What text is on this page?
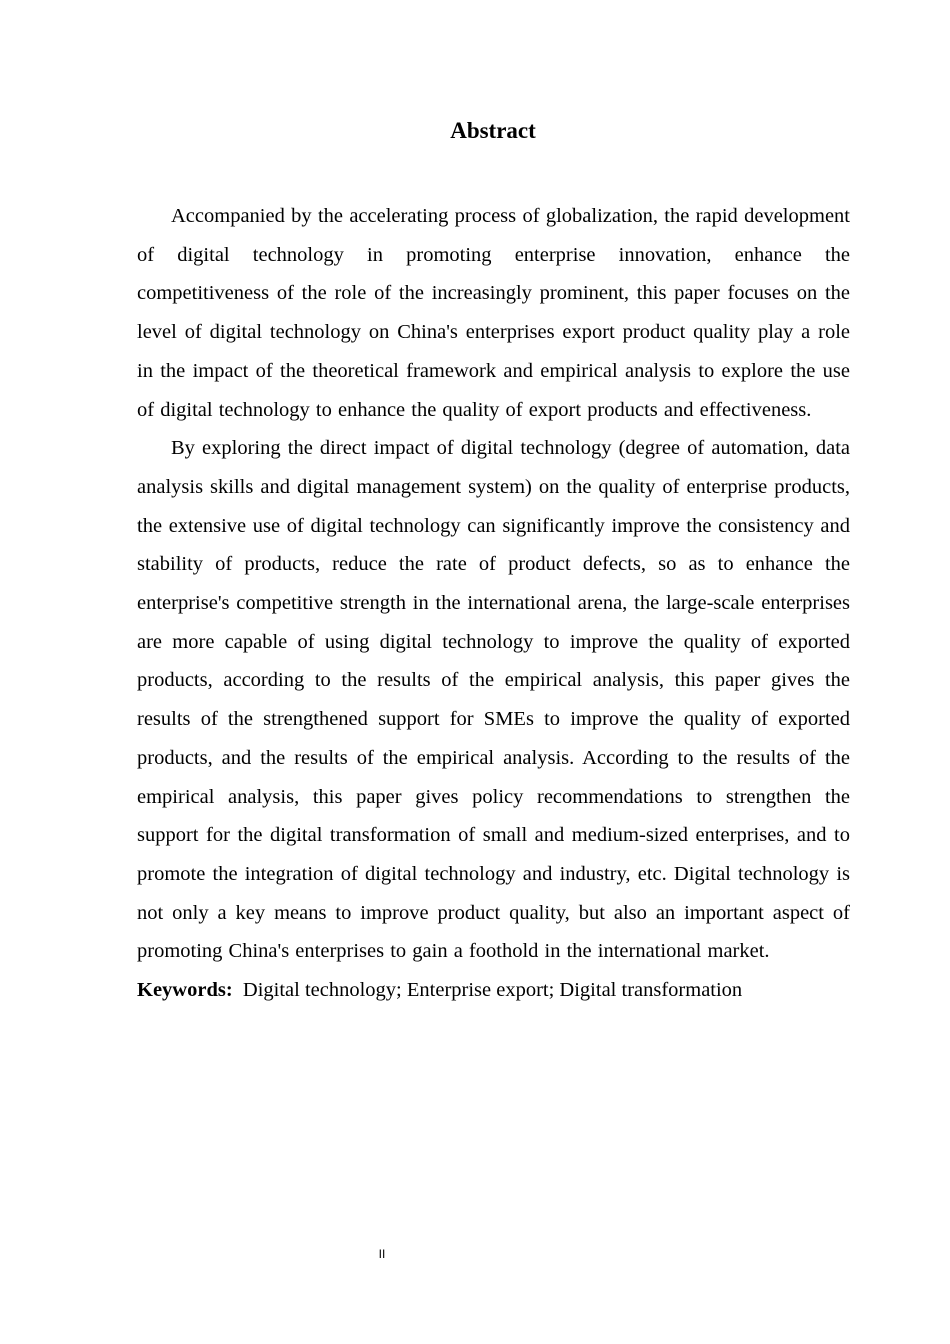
Abstract

Accompanied by the accelerating process of globalization, the rapid development of digital technology in promoting enterprise innovation, enhance the competitiveness of the role of the increasingly prominent, this paper focuses on the level of digital technology on China's enterprises export product quality play a role in the impact of the theoretical framework and empirical analysis to explore the use of digital technology to enhance the quality of export products and effectiveness.

By exploring the direct impact of digital technology (degree of automation, data analysis skills and digital management system) on the quality of enterprise products, the extensive use of digital technology can significantly improve the consistency and stability of products, reduce the rate of product defects, so as to enhance the enterprise's competitive strength in the international arena, the large-scale enterprises are more capable of using digital technology to improve the quality of exported products, according to the results of the empirical analysis, this paper gives the results of the strengthened support for SMEs to improve the quality of exported products, and the results of the empirical analysis. According to the results of the empirical analysis, this paper gives policy recommendations to strengthen the support for the digital transformation of small and medium-sized enterprises, and to promote the integration of digital technology and industry, etc. Digital technology is not only a key means to improve product quality, but also an important aspect of promoting China's enterprises to gain a foothold in the international market.

Keywords: Digital technology; Enterprise export; Digital transformation

II
